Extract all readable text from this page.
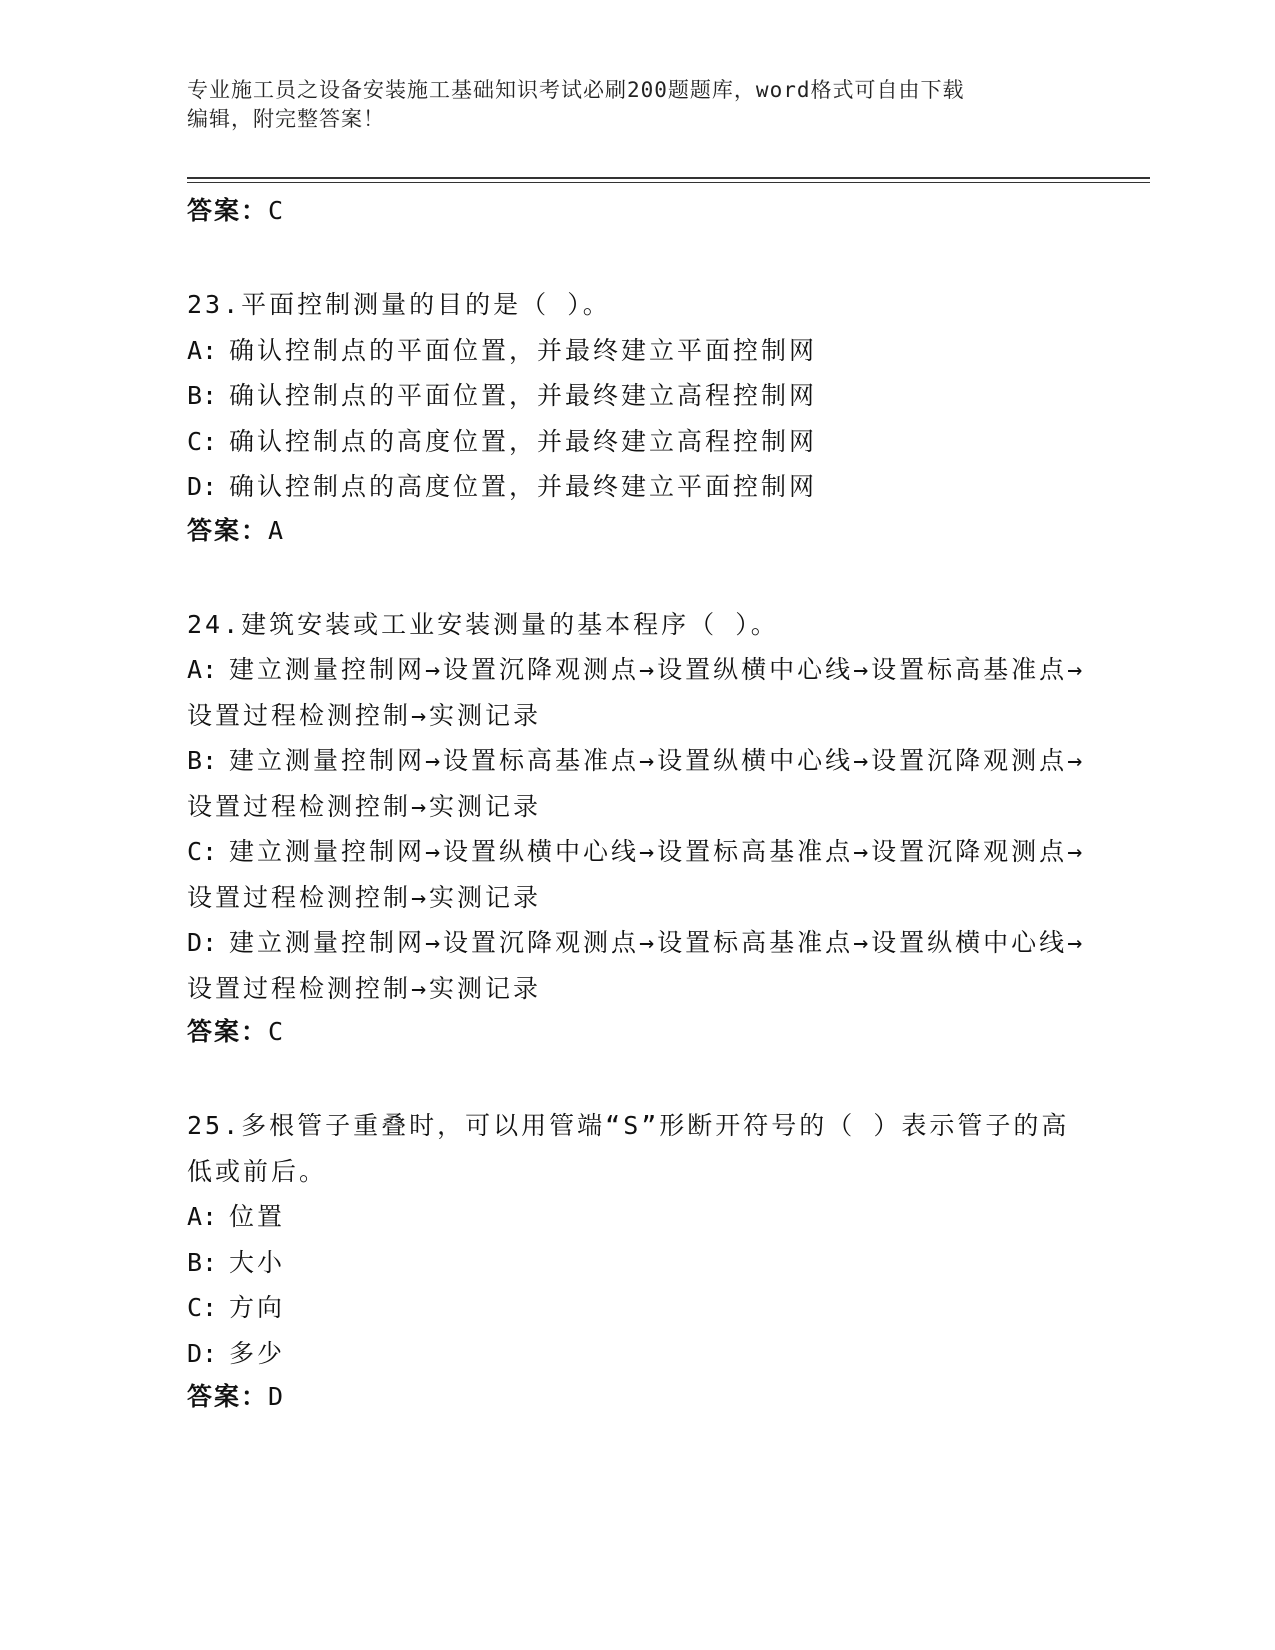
专业施工员之设备安装施工基础知识考试必刷200题题库，word格式可自由下载
编辑，附完整答案！
答案：C
23.平面控制测量的目的是（ ）。
A: 确认控制点的平面位置，并最终建立平面控制网
B: 确认控制点的平面位置，并最终建立高程控制网
C: 确认控制点的高度位置，并最终建立高程控制网
D: 确认控制点的高度位置，并最终建立平面控制网
答案：A
24.建筑安装或工业安装测量的基本程序（ ）。
A: 建立测量控制网→设置沉降观测点→设置纵横中心线→设置标高基准点→设置过程检测控制→实测记录
B: 建立测量控制网→设置标高基准点→设置纵横中心线→设置沉降观测点→设置过程检测控制→实测记录
C: 建立测量控制网→设置纵横中心线→设置标高基准点→设置沉降观测点→设置过程检测控制→实测记录
D: 建立测量控制网→设置沉降观测点→设置标高基准点→设置纵横中心线→设置过程检测控制→实测记录
答案：C
25.多根管子重叠时，可以用管端“S”形断开符号的（ ）表示管子的高低或前后。
A: 位置
B: 大小
C: 方向
D: 多少
答案：D
